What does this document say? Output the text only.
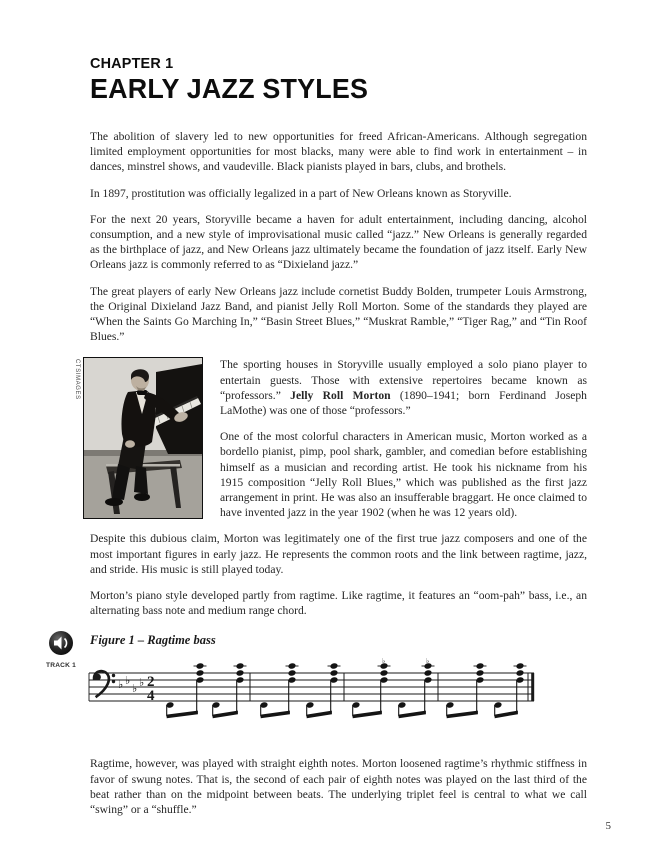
CHAPTER 1
EARLY JAZZ STYLES

The abolition of slavery led to new opportunities for freed African-Americans. Although segregation limited employment opportunities for most blacks, many were able to find work in entertainment – in dances, minstrel shows, and vaudeville. Black pianists played in bars, clubs, and brothels.

In 1897, prostitution was officially legalized in a part of New Orleans known as Storyville.

For the next 20 years, Storyville became a haven for adult entertainment, including dancing, alcohol consumption, and a new style of improvisational music called “jazz.” New Orleans is generally regarded as the birthplace of jazz, and New Orleans jazz ultimately became the foundation of jazz itself. Early New Orleans jazz is commonly referred to as “Dixieland jazz.”

The great players of early New Orleans jazz include cornetist Buddy Bolden, trumpeter Louis Armstrong, the Original Dixieland Jazz Band, and pianist Jelly Roll Morton. Some of the standards they played are “When the Saints Go Marching In,” “Basin Street Blues,” “Muskrat Ramble,” “Tiger Rag,” and “Tin Roof Blues.”

CTSIMAGES	The sporting houses in Storyville usually employed a solo piano player to entertain guests. Those with extensive repertoires became known as “professors.” Jelly Roll Morton (1890–1941; born Ferdinand Joseph LaMothe) was one of those “professors.”

One of the most colorful characters in American music, Morton worked as a bordello pianist, pimp, pool shark, gambler, and comedian before establishing himself as a musician and recording artist. He took his nickname from his 1915 composition “Jelly Roll Blues,” which was published as the first jazz arrangement in print. He was also an insufferable braggart. He once claimed to have invented jazz in the year 1902 (when he was 12 years old).

Despite this dubious claim, Morton was legitimately one of the first true jazz composers and one of the most important figures in early jazz. He represents the common roots and the link between ragtime, jazz, and stride. His music is still played today.

Morton’s piano style developed partly from ragtime. Like ragtime, it features an “oom-pah” bass, i.e., an alternating bass note and medium range chord.

TRACK 1
Figure 1 – Ragtime bass
♭ ♭
♭ ♭ 2
4
♭	♭

Ragtime, however, was played with straight eighth notes. Morton loosened ragtime’s rhythmic stiffness in favor of swung notes. That is, the second of each pair of eighth notes was played on the last third of the beat rather than on the midpoint between beats. The underlying triplet feel is central to what we call “swing” or a “shuffle.”

5
